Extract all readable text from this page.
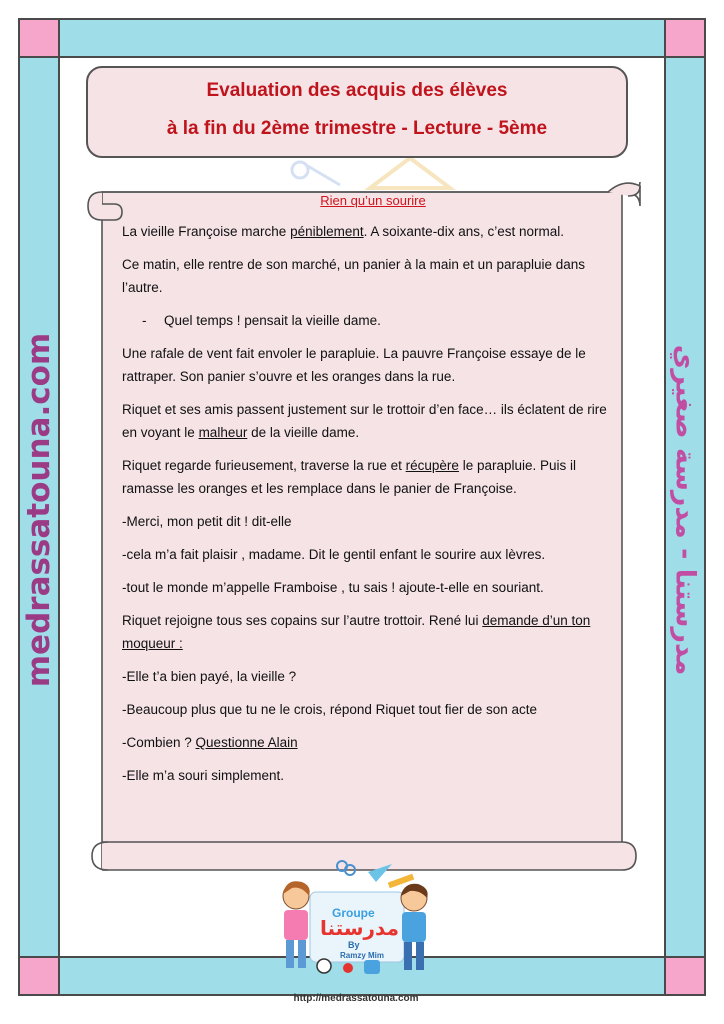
medrassatouna.com	مدرستنا - مدرسة صغيري
Evaluation des acquis des élèves
à la fin du 2ème trimestre - Lecture - 5ème
Rien qu’un sourire

La vieille Françoise marche péniblement. A soixante-dix ans, c’est normal.

Ce matin, elle rentre de son marché, un panier à la main et un parapluie dans l’autre.

- Quel temps ! pensait la vieille dame.

Une rafale de vent fait envoler le parapluie. La pauvre Françoise essaye de le rattraper. Son panier s’ouvre et les oranges dans la rue.

Riquet et ses amis passent justement sur le trottoir d’en face… ils éclatent de rire en voyant le malheur de la vieille dame.

Riquet regarde furieusement, traverse la rue et récupère le parapluie. Puis il ramasse les oranges et les remplace dans le panier de Françoise.

-Merci, mon petit dit ! dit-elle

-cela m’a fait plaisir , madame. Dit le gentil enfant le sourire aux lèvres.

-tout le monde m’appelle Framboise , tu sais ! ajoute-t-elle en souriant.

Riquet rejoigne tous ses copains sur l’autre trottoir. René lui demande d’un ton moqueur :

-Elle t’a bien payé, la vieille ?

-Beaucoup plus que tu ne le crois, répond Riquet tout fier de son acte

-Combien ? Questionne Alain

-Elle m’a souri simplement.

Groupe
مدرستنا
By
Ramzy Mim
http://medrassatouna.com
